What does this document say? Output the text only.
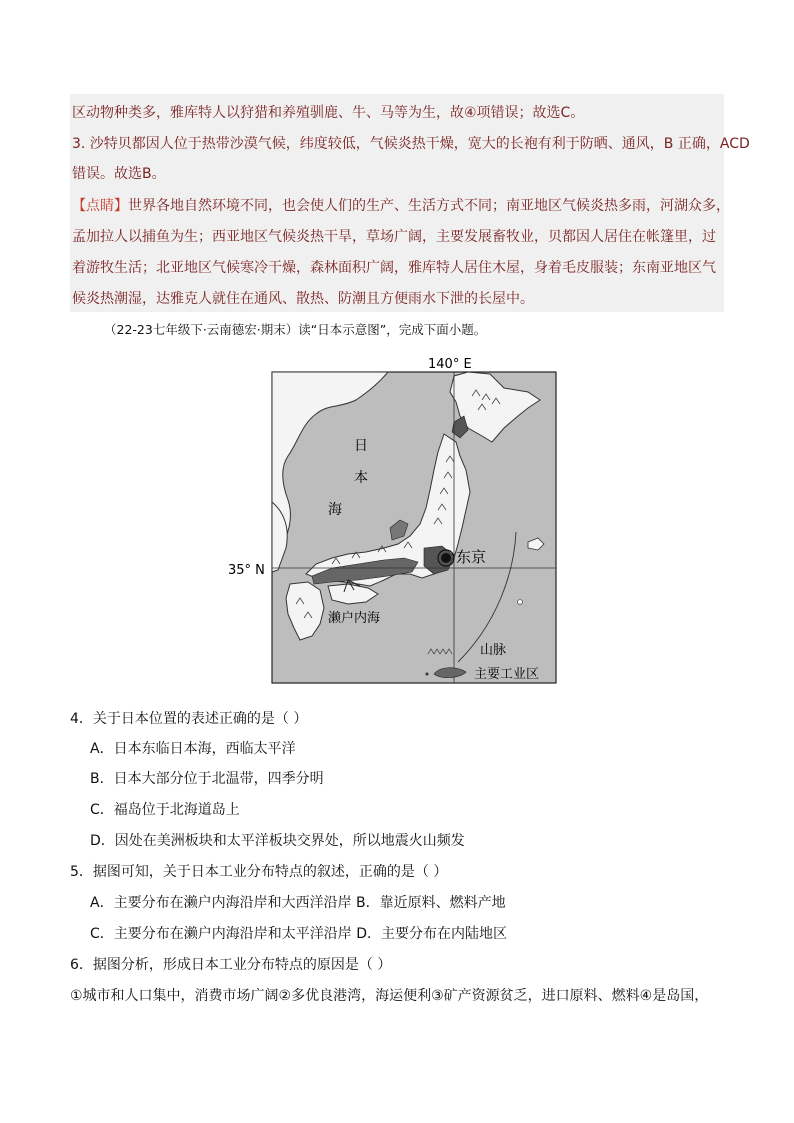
区动物种类多，雅库特人以狩猎和养殖驯鹿、牛、马等为生，故④项错误；故选C。
3. 沙特贝都因人位于热带沙漠气候，纬度较低，气候炎热干燥，宽大的长袍有利于防晒、通风，B 正确，ACD
错误。故选B。
【点睛】世界各地自然环境不同，也会使人们的生产、生活方式不同；南亚地区气候炎热多雨，河湖众多，
孟加拉人以捕鱼为生；西亚地区气候炎热干旱，草场广阔，主要发展畜牧业，贝都因人居住在帐篷里，过
着游牧生活；北亚地区气候寒冷干燥，森林面积广阔，雅库特人居住木屋，身着毛皮服装；东南亚地区气
候炎热潮湿，达雅克人就住在通风、散热、防潮且方便雨水下泄的长屋中。
（22-23七年级下·云南德宏·期末）读“日本示意图”，完成下面小题。
140° E
35° N
日
本
海
东京
濑户内海
山脉
主要工业区
4．关于日本位置的表述正确的是（ ）
A．日本东临日本海，西临太平洋
B．日本大部分位于北温带，四季分明
C．福岛位于北海道岛上
D．因处在美洲板块和太平洋板块交界处，所以地震火山频发
5．据图可知，关于日本工业分布特点的叙述，正确的是（ ）
A．主要分布在濑户内海沿岸和大西洋沿岸 B．靠近原料、燃料产地
C．主要分布在濑户内海沿岸和太平洋沿岸 D．主要分布在内陆地区
6．据图分析，形成日本工业分布特点的原因是（ ）
①城市和人口集中，消费市场广阔②多优良港湾，海运便利③矿产资源贫乏，进口原料、燃料④是岛国，
